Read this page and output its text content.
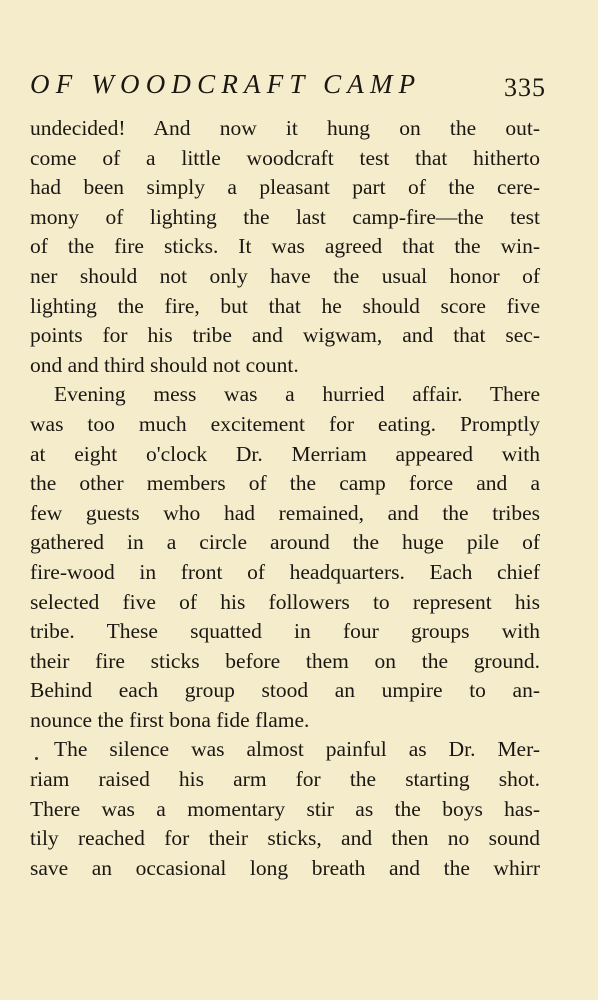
OF WOODCRAFT CAMP	335
undecided! And now it hung on the out-
come of a little woodcraft test that hitherto
had been simply a pleasant part of the cere-
mony of lighting the last camp-fire—the test
of the fire sticks. It was agreed that the win-
ner should not only have the usual honor of
lighting the fire, but that he should score five
points for his tribe and wigwam, and that sec-
ond and third should not count.
Evening mess was a hurried affair. There
was too much excitement for eating. Promptly
at eight o'clock Dr. Merriam appeared with
the other members of the camp force and a
few guests who had remained, and the tribes
gathered in a circle around the huge pile of
fire-wood in front of headquarters. Each chief
selected five of his followers to represent his
tribe. These squatted in four groups with
their fire sticks before them on the ground.
Behind each group stood an umpire to an-
nounce the first bona fide flame.
The silence was almost painful as Dr. Mer-
riam raised his arm for the starting shot.
There was a momentary stir as the boys has-
tily reached for their sticks, and then no sound
save an occasional long breath and the whirr
